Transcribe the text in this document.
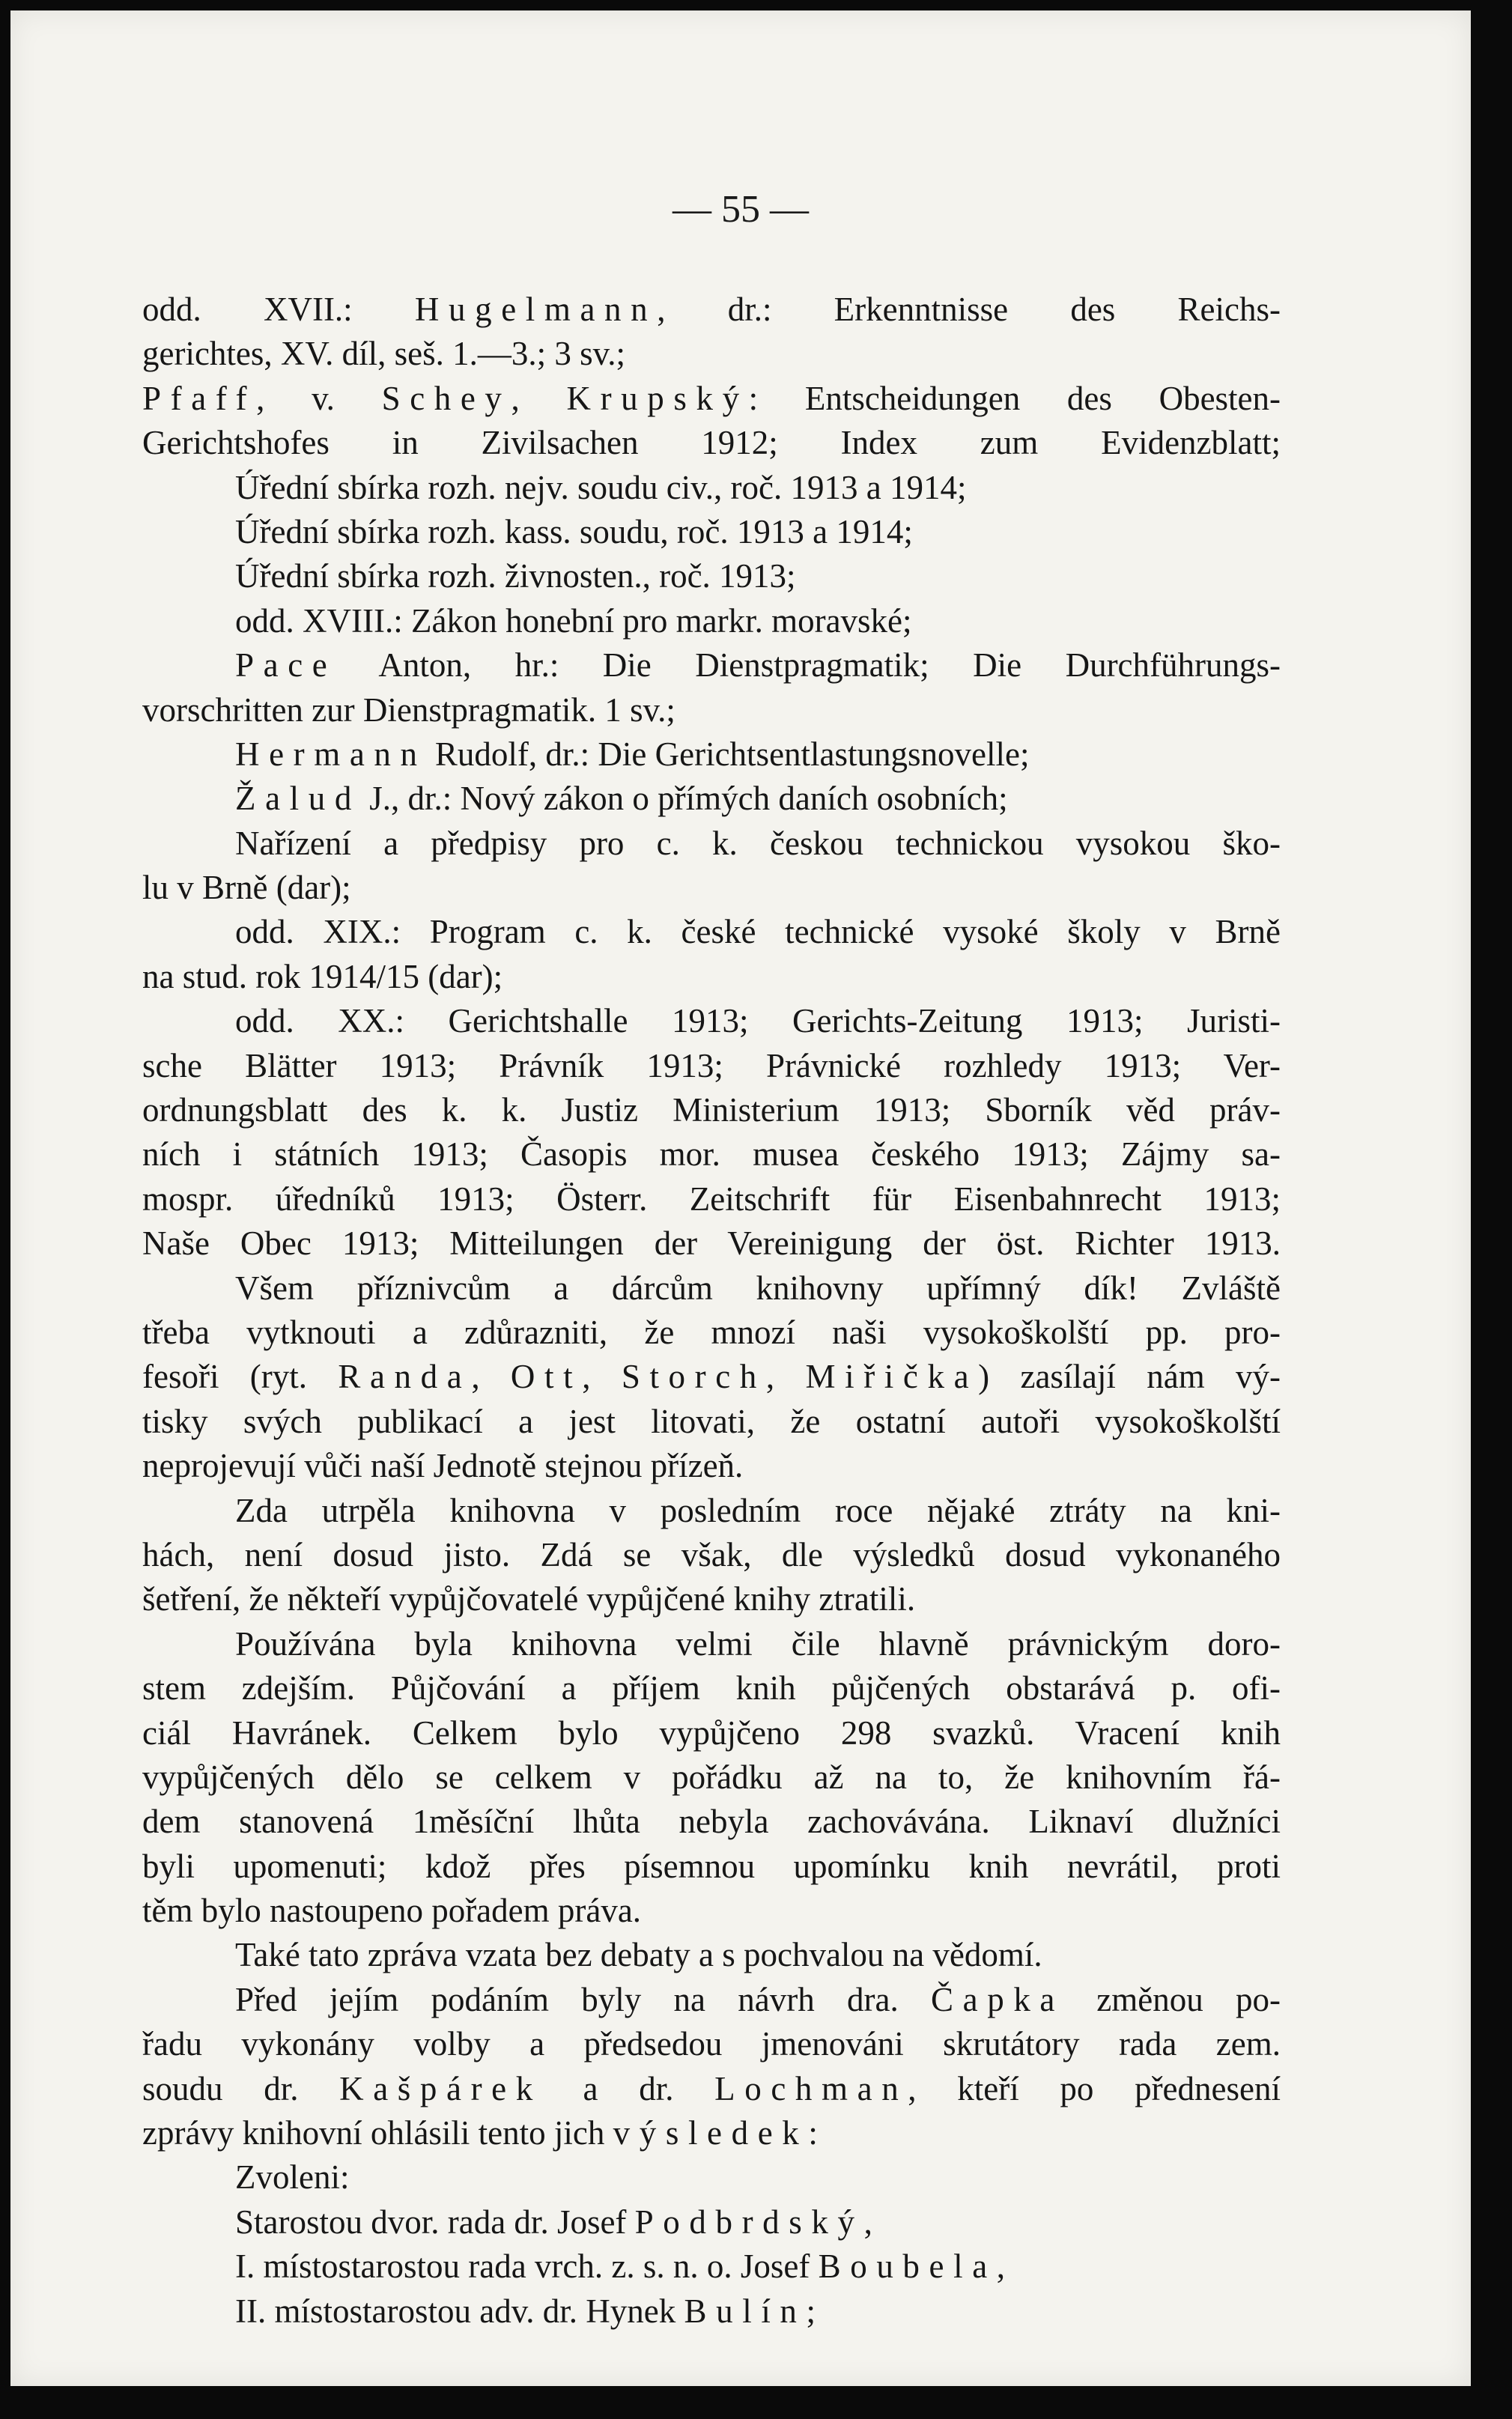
— 55 —
odd. XVII.: Hugelmann, dr.: Erkenntnisse des Reichs-
gerichtes, XV. díl, seš. 1.—3.; 3 sv.;
Pfaff, v. Schey, Krupský: Entscheidungen des Obesten-
Gerichtshofes in Zivilsachen 1912; Index zum Evidenzblatt;
Úřední sbírka rozh. nejv. soudu civ., roč. 1913 a 1914;
Úřední sbírka rozh. kass. soudu, roč. 1913 a 1914;
Úřední sbírka rozh. živnosten., roč. 1913;
odd. XVIII.: Zákon honební pro markr. moravské;
Pace Anton, hr.: Die Dienstpragmatik; Die Durchführungs-
vorschritten zur Dienstpragmatik. 1 sv.;
Hermann Rudolf, dr.: Die Gerichtsentlastungsnovelle;
Žalud J., dr.: Nový zákon o přímých daních osobních;
Nařízení a předpisy pro c. k. českou technickou vysokou ško-
lu v Brně (dar);
odd. XIX.: Program c. k. české technické vysoké školy v Brně
na stud. rok 1914/15 (dar);
odd. XX.: Gerichtshalle 1913; Gerichts-Zeitung 1913; Juristi-
sche Blätter 1913; Právník 1913; Právnické rozhledy 1913; Ver-
ordnungsblatt des k. k. Justiz Ministerium 1913; Sborník věd práv-
ních i státních 1913; Časopis mor. musea českého 1913; Zájmy sa-
mospr. úředníků 1913; Österr. Zeitschrift für Eisenbahnrecht 1913;
Naše Obec 1913; Mitteilungen der Vereinigung der öst. Richter 1913.
Všem příznivcům a dárcům knihovny upřímný dík! Zvláště
třeba vytknouti a zdůrazniti, že mnozí naši vysokoškolští pp. pro-
fesoři (ryt. Randa, Ott, Storch, Miřička) zasílají nám vý-
tisky svých publikací a jest litovati, že ostatní autoři vysokoškolští
neprojevují vůči naší Jednotě stejnou přízeň.
Zda utrpěla knihovna v posledním roce nějaké ztráty na kni-
hách, není dosud jisto. Zdá se však, dle výsledků dosud vykonaného
šetření, že někteří vypůjčovatelé vypůjčené knihy ztratili.
Používána byla knihovna velmi čile hlavně právnickým doro-
stem zdejším. Půjčování a příjem knih půjčených obstarává p. ofi-
ciál Havránek. Celkem bylo vypůjčeno 298 svazků. Vracení knih
vypůjčených dělo se celkem v pořádku až na to, že knihovním řá-
dem stanovená 1měsíční lhůta nebyla zachovávána. Liknaví dlužníci
byli upomenuti; kdož přes písemnou upomínku knih nevrátil, proti
těm bylo nastoupeno pořadem práva.
Také tato zpráva vzata bez debaty a s pochvalou na vědomí.
Před jejím podáním byly na návrh dra. Čapka změnou po-
řadu vykonány volby a předsedou jmenováni skrutátory rada zem.
soudu dr. Kašpárek a dr. Lochman, kteří po přednesení
zprávy knihovní ohlásili tento jich výsledek:
Zvoleni:
Starostou dvor. rada dr. Josef Podbrdský,
I. místostarostou rada vrch. z. s. n. o. Josef Boubela,
II. místostarostou adv. dr. Hynek Bulín;
